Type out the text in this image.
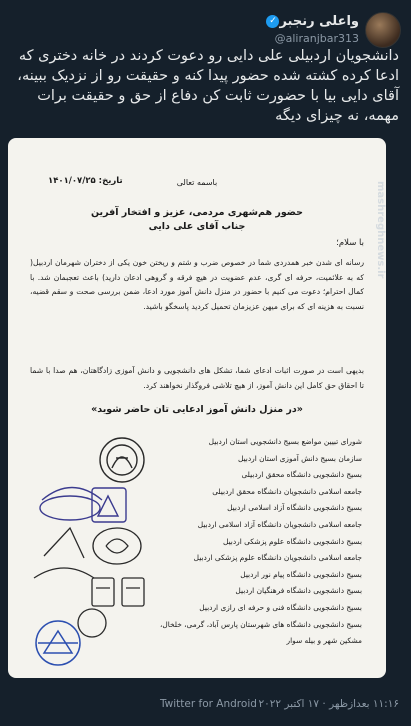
واعلی رنجبر✓
@aliranjbar313
دانشجویان اردبیلی علی دایی رو دعوت کردند در خانه دختری که ادعا کرده کشته شده حضور پیدا کنه و حقیقت رو از نزدیک ببینه، آقای دایی بیا با حضورت ثابت کن دفاع از حق و حقیقت برات مهمه، نه چیزای دیگه
mashreghnews.ir
باسمه تعالی
تاریخ: ۱۴۰۱/۰۷/۲۵
حضور هم‌شهری مردمی، عزیز و افتخار آفرین
جناب آقای علی دایی
با سلام؛
رسانه ای شدن خبر همدردی شما در خصوص ضرب و شتم و ریختن خون یکی از دختران شهرمان اردبیل( که به علائمیت، حرفه ای گری، عدم عضویت در هیچ فرقه و گروهی ادعان دارید) باعث تعجبمان شد. با کمال احترام؛ دعوت می کنیم با حضور در منزل دانش آموز مورد ادعا، ضمن بررسی صحت و سقم قضیه، نسبت به هزینه ای که برای میهن عزیزمان تحمیل کردید پاسخگو باشید.
بدیهی است در صورت اثبات ادعای شما، تشکل های دانشجویی و دانش آموزی زادگاهتان، هم صدا با شما تا احقاق حق کامل این دانش آموز، از هیچ تلاشی فروگذار نخواهند کرد.
«در منزل دانش آموز ادعایی تان حاضر شوید»
شورای تبیین مواضع بسیج دانشجویی استان اردبیل
سازمان بسیج دانش آموزی استان اردبیل
بسیج دانشجویی دانشگاه محقق اردبیلی
جامعه اسلامی دانشجویان دانشگاه محقق اردبیلی
بسیج دانشجویی دانشگاه آزاد اسلامی اردبیل
جامعه اسلامی دانشجویان دانشگاه آزاد اسلامی اردبیل
بسیج دانشجویی دانشگاه علوم پزشکی اردبیل
جامعه اسلامی دانشجویان دانشگاه علوم پزشکی اردبیل
بسیج دانشجویی دانشگاه پیام نور اردبیل
بسیج دانشجویی دانشگاه فرهنگیان اردبیل
بسیج دانشجویی دانشگاه فنی و حرفه ای رازی اردبیل
بسیج دانشجویی دانشگاه های شهرستان پارس آباد، گرمی، خلخال، مشکین شهر و بیله سوار
Twitter for Android ۱۱:۱۶ بعدازظهر · ۱۷ اکتبر ۲۰۲۲
